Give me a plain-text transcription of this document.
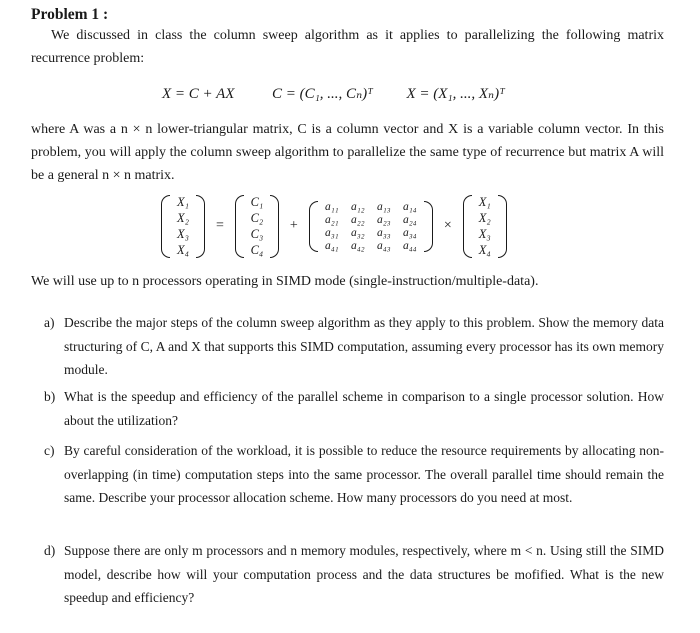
Problem 1 :
We discussed in class the column sweep algorithm as it applies to parallelizing the following matrix recurrence problem:
X = C + AX	C = (C₁, ..., Cₙ)ᵀ X = (X₁, ..., Xₙ)ᵀ
where A was a n × n lower-triangular matrix, C is a column vector and X is a variable column vector. In this problem, you will apply the column sweep algorithm to parallelize the same type of recurrence but matrix A will be a general n × n matrix.
X₁
X₂
X₃
X₄
=
C₁
C₂
C₃
C₄
+
a₁₁	a₁₂	a₁₃	a₁₄
a₂₁	a₂₂	a₂₃	a₂₄
a₃₁	a₃₂	a₃₃	a₃₄
a₄₁	a₄₂	a₄₃	a₄₄
×
X₁
X₂
X₃
X₄
We will use up to n processors operating in SIMD mode (single-instruction/multiple-data).
a) Describe the major steps of the column sweep algorithm as they apply to this problem. Show the memory data structuring of C, A and X that supports this SIMD computation, assuming every processor has its own memory module.
b) What is the speedup and efficiency of the parallel scheme in comparison to a single processor solution. How about the utilization?
c) By careful consideration of the workload, it is possible to reduce the resource requirements by allocating non-overlapping (in time) computation steps into the same processor. The overall parallel time should remain the same. Describe your processor allocation scheme. How many processors do you need at most.
d) Suppose there are only m processors and n memory modules, respectively, where m < n. Using still the SIMD model, describe how will your computation process and the data structures be mofified. What is the new speedup and efficiency?
